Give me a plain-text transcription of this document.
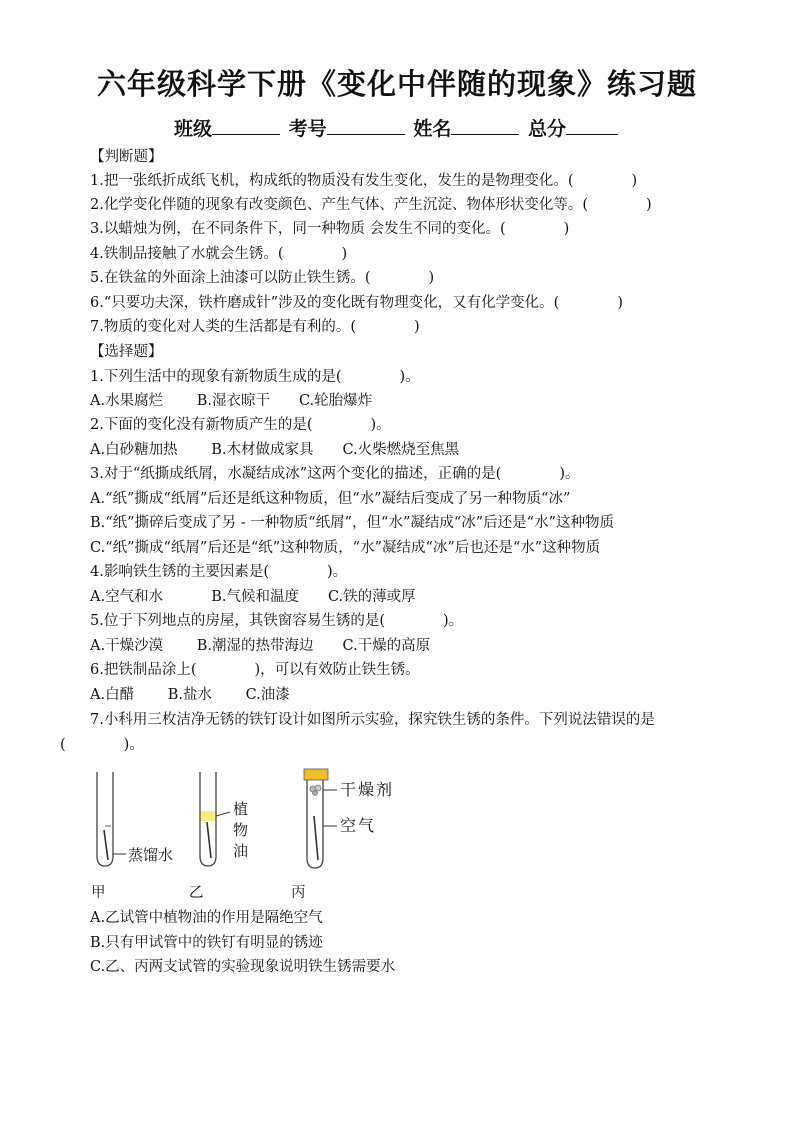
六年级科学下册《变化中伴随的现象》练习题
班级	考号	姓名	总分
【判断题】
1.把一张纸折成纸飞机，构成纸的物质没有发生变化，发生的是物理变化。(　　　　)
2.化学变化伴随的现象有改变颜色、产生气体、产生沉淀、物体形状变化等。(　　　　)
3.以蜡烛为例，在不同条件下，同一种物质 会发生不同的变化。(　　　　)
4.铁制品接触了水就会生锈。(　　　　)
5.在铁盆的外面涂上油漆可以防止铁生锈。(　　　　)
6.“只要功夫深，铁杵磨成针”涉及的变化既有物理变化，又有化学变化。(　　　　)
7.物质的变化对人类的生活都是有利的。(　　　　)
【选择题】
1.下列生活中的现象有新物质生成的是(　　　　)。
A.水果腐烂　　 B.湿衣晾干　　C.轮胎爆炸
2.下面的变化没有新物质产生的是(　　　　)。
A.白砂糖加热　　 B.木材做成家具　　C.火柴燃烧至焦黑
3.对于“纸撕成纸屑，水凝结成冰”这两个变化的描述，正确的是(　　　　)。
A.“纸”撕成“纸屑”后还是纸这种物质，但“水”凝结后变成了另一种物质“冰”
B.“纸”撕碎后变成了另 - 一种物质“纸屑”，但“水”凝结成“冰”后还是“水”这种物质
C.“纸”撕成“纸屑”后还是“纸”这种物质，“水”凝结成“冰”后也还是“水”这种物质
4.影响铁生锈的主要因素是(　　　　)。
A.空气和水　　　 B.气候和温度　　C.铁的薄或厚
5.位于下列地点的房屋，其铁窗容易生锈的是(　　　　)。
A.干燥沙漠　　 B.潮湿的热带海边　　C.干燥的高原
6.把铁制品涂上(　　　　)，可以有效防止铁生锈。
A.白醋　　 B.盐水　　 C.油漆
7.小科用三枚洁净无锈的铁钉设计如图所示实验，探究铁生锈的条件。下列说法错误的是
(　　　　)。
蒸馏水
植
物
油
干燥剂
空气
甲	乙	丙
A.乙试管中植物油的作用是隔绝空气
B.只有甲试管中的铁钉有明显的锈迹
C.乙、丙两支试管的实验现象说明铁生锈需要水
